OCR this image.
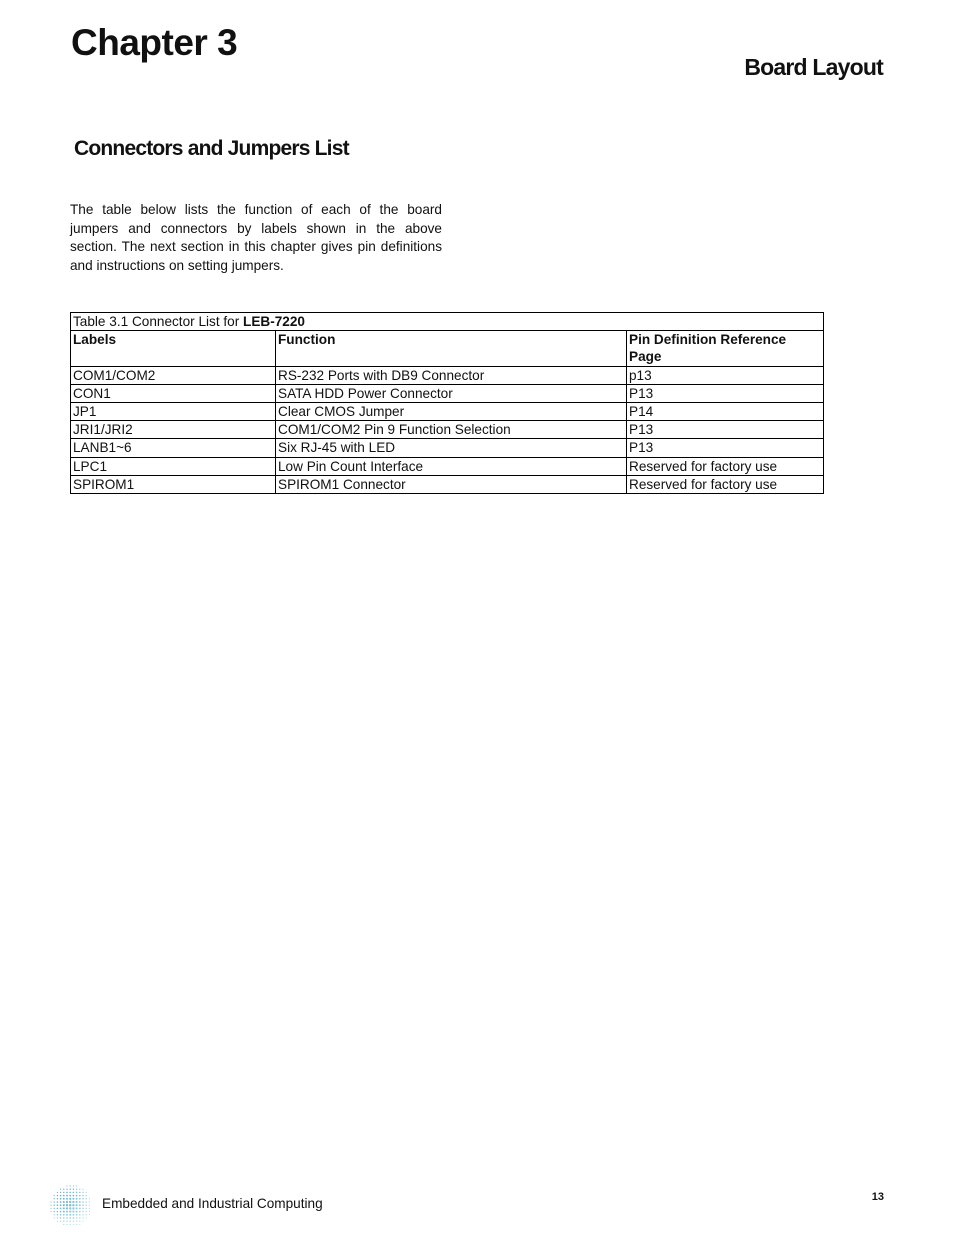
Chapter 3
Board Layout
Connectors and Jumpers List

The table below lists the function of each of the board jumpers and connectors by labels shown in the above section. The next section in this chapter gives pin definitions and instructions on setting jumpers.

Table 3.1 Connector List for LEB-7220		
Labels	Function	Pin Definition Reference Page
COM1/COM2	RS-232 Ports with DB9 Connector	p13
CON1	SATA HDD Power Connector	P13
JP1	Clear CMOS Jumper	P14
JRI1/JRI2	COM1/COM2 Pin 9 Function Selection	P13
LANB1~6	Six RJ-45 with LED	P13
LPC1	Low Pin Count Interface	Reserved for factory use
SPIROM1	SPIROM1 Connector	Reserved for factory use
Embedded and Industrial Computing	13
